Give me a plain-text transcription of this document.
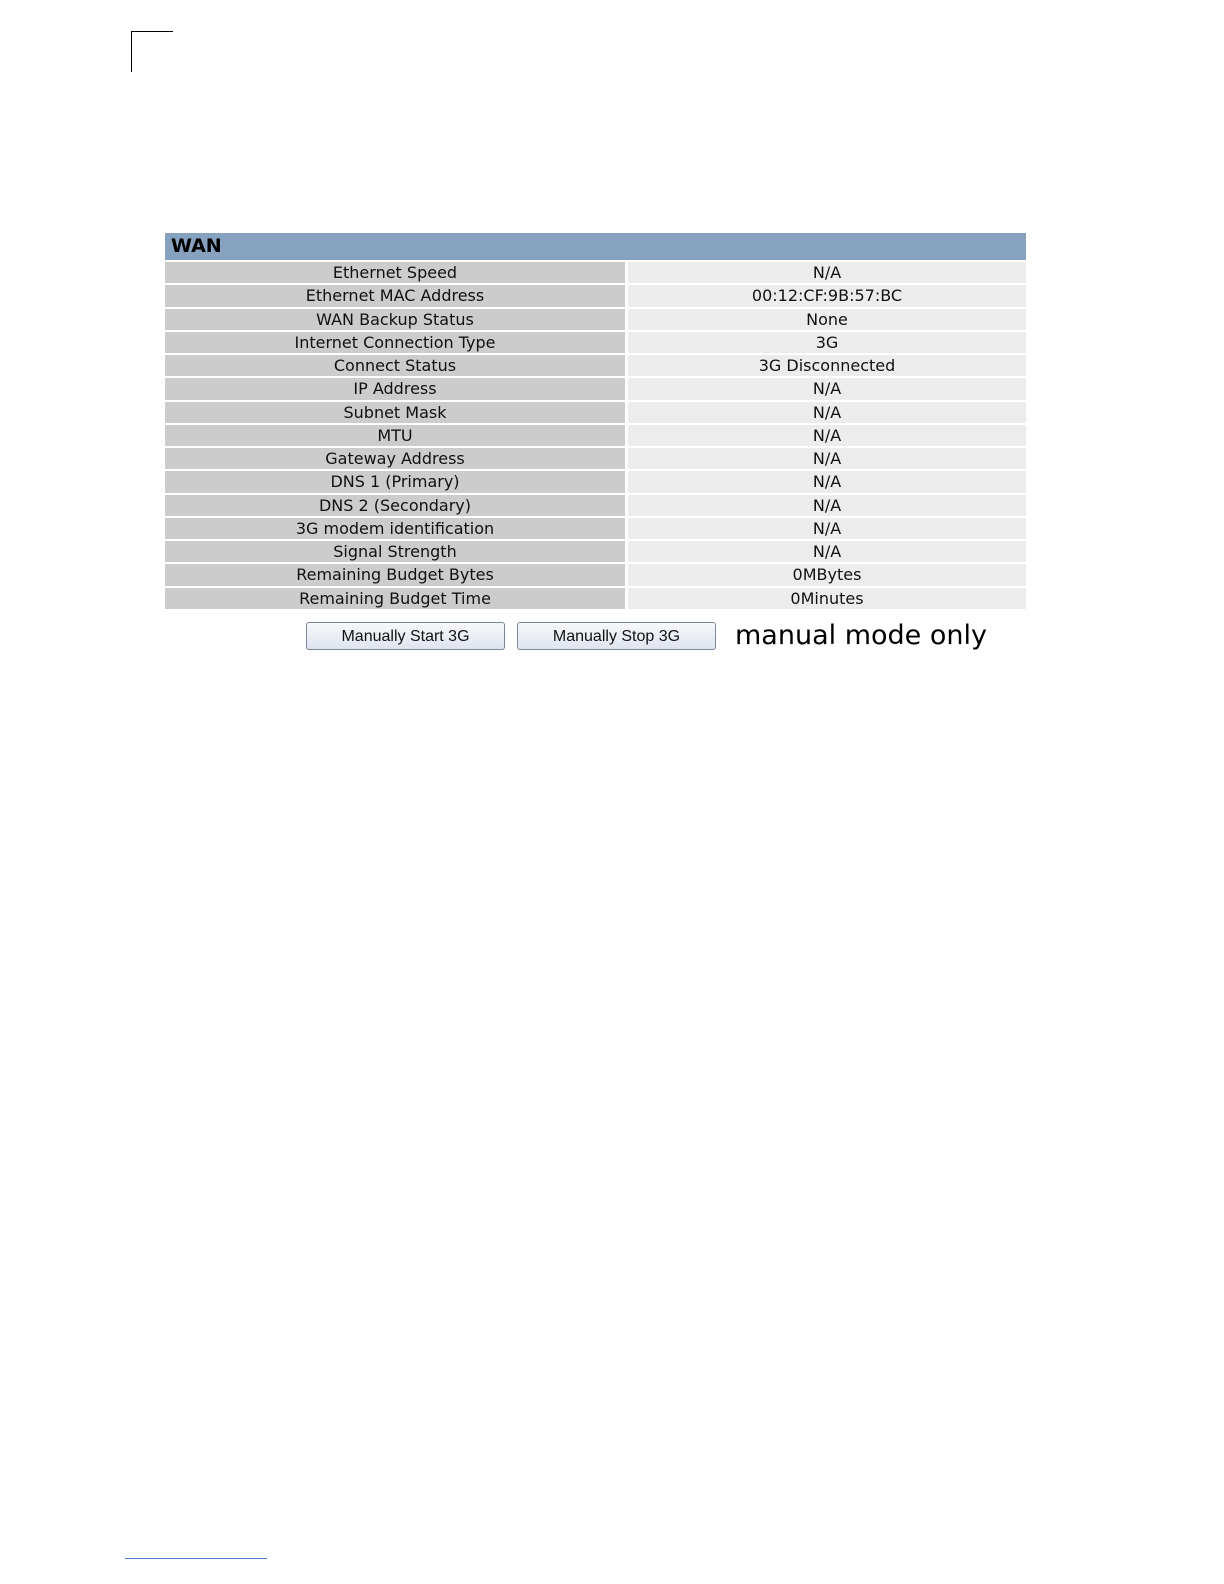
WAN
Ethernet Speed	N/A
Ethernet MAC Address	00:12:CF:9B:57:BC
WAN Backup Status	None
Internet Connection Type	3G
Connect Status	3G Disconnected
IP Address	N/A
Subnet Mask	N/A
MTU	N/A
Gateway Address	N/A
DNS 1 (Primary)	N/A
DNS 2 (Secondary)	N/A
3G modem identification	N/A
Signal Strength	N/A
Remaining Budget Bytes	0MBytes
Remaining Budget Time	0Minutes
Manually Start 3G	Manually Stop 3G	manual mode only
